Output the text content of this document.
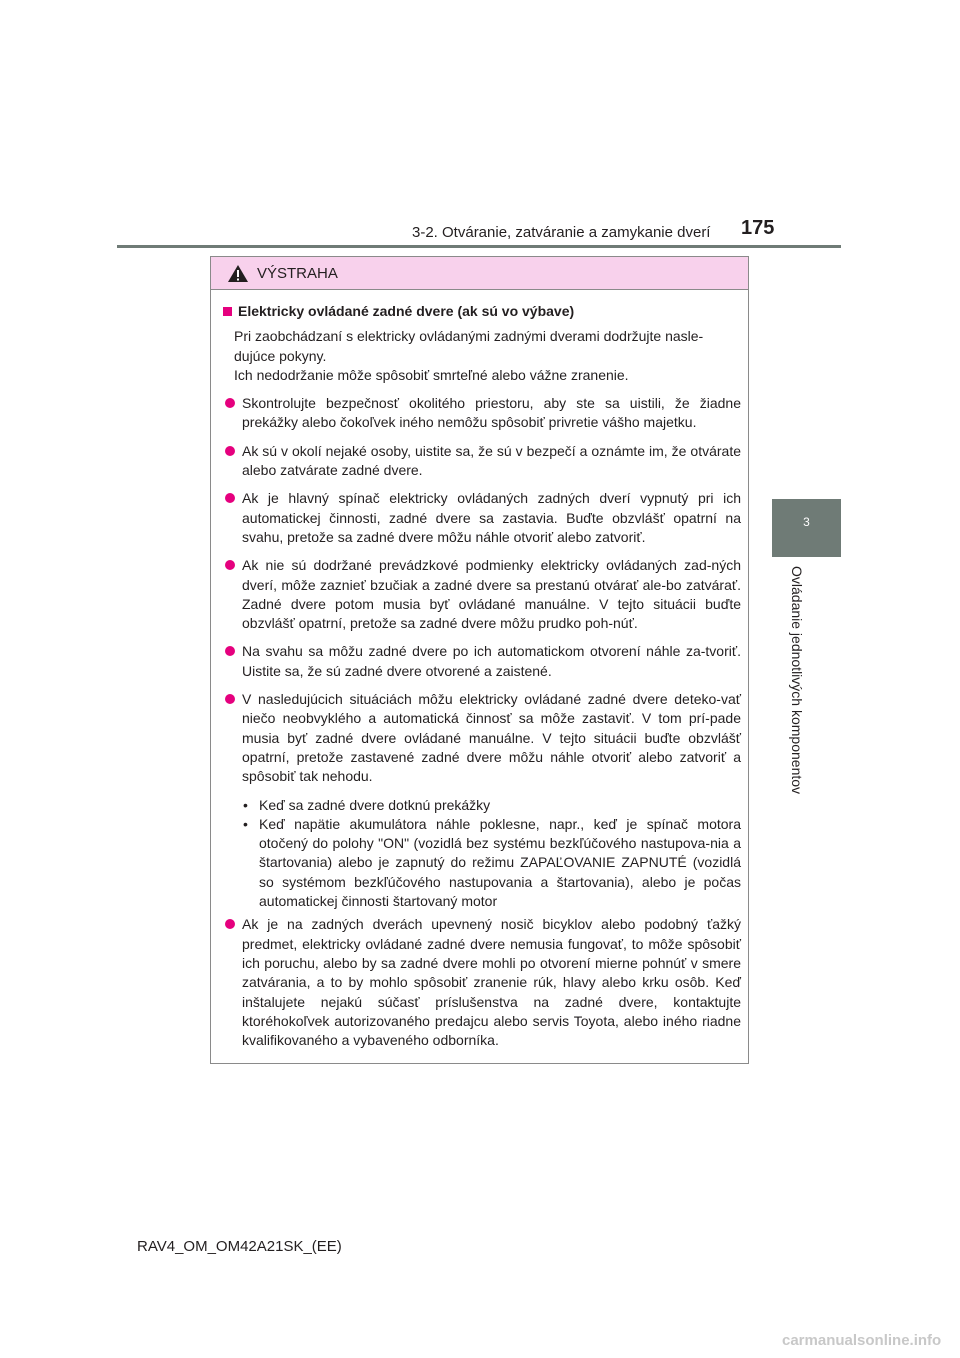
3-2. Otváranie, zatváranie a zamykanie dverí 175
3
Ovládanie jednotlivých komponentov
VÝSTRAHA
Elektricky ovládané zadné dvere (ak sú vo výbave)

Pri zaobchádzaní s elektricky ovládanými zadnými dverami dodržujte nasle-dujúce pokyny.

Ich nedodržanie môže spôsobiť smrteľné alebo vážne zranenie.

Skontrolujte bezpečnosť okolitého priestoru, aby ste sa uistili, že žiadne prekážky alebo čokoľvek iného nemôžu spôsobiť privretie vášho majetku.
Ak sú v okolí nejaké osoby, uistite sa, že sú v bezpečí a oznámte im, že otvárate alebo zatvárate zadné dvere.
Ak je hlavný spínač elektricky ovládaných zadných dverí vypnutý pri ich automatickej činnosti, zadné dvere sa zastavia. Buďte obzvlášť opatrní na svahu, pretože sa zadné dvere môžu náhle otvoriť alebo zatvoriť.
Ak nie sú dodržané prevádzkové podmienky elektricky ovládaných zad-ných dverí, môže zaznieť bzučiak a zadné dvere sa prestanú otvárať ale-bo zatvárať. Zadné dvere potom musia byť ovládané manuálne. V tejto situácii buďte obzvlášť opatrní, pretože sa zadné dvere môžu prudko poh-núť.
Na svahu sa môžu zadné dvere po ich automatickom otvorení náhle za-tvoriť. Uistite sa, že sú zadné dvere otvorené a zaistené.
V nasledujúcich situáciách môžu elektricky ovládané zadné dvere deteko-vať niečo neobvyklého a automatická činnosť sa môže zastaviť. V tom prí-pade musia byť zadné dvere ovládané manuálne. V tejto situácii buďte obzvlášť opatrní, pretože zastavené zadné dvere môžu náhle otvoriť alebo zatvoriť a spôsobiť tak nehodu.
• Keď sa zadné dvere dotknú prekážky
• Keď napätie akumulátora náhle poklesne, napr., keď je spínač motora otočený do polohy "ON" (vozidlá bez systému bezkľúčového nastupova-nia a štartovania) alebo je zapnutý do režimu ZAPAĽOVANIE ZAPNUTÉ (vozidlá so systémom bezkľúčového nastupovania a štartovania), alebo je počas automatickej činnosti štartovaný motor
Ak je na zadných dverách upevnený nosič bicyklov alebo podobný ťažký predmet, elektricky ovládané zadné dvere nemusia fungovať, to môže spôsobiť ich poruchu, alebo by sa zadné dvere mohli po otvorení mierne pohnúť v smere zatvárania, a to by mohlo spôsobiť zranenie rúk, hlavy alebo krku osôb. Keď inštalujete nejakú súčasť príslušenstva na zadné dvere, kontaktujte ktoréhokoľvek autorizovaného predajcu alebo servis Toyota, alebo iného riadne kvalifikovaného a vybaveného odborníka.
RAV4_OM_OM42A21SK_(EE)
carmanualsonline.info
